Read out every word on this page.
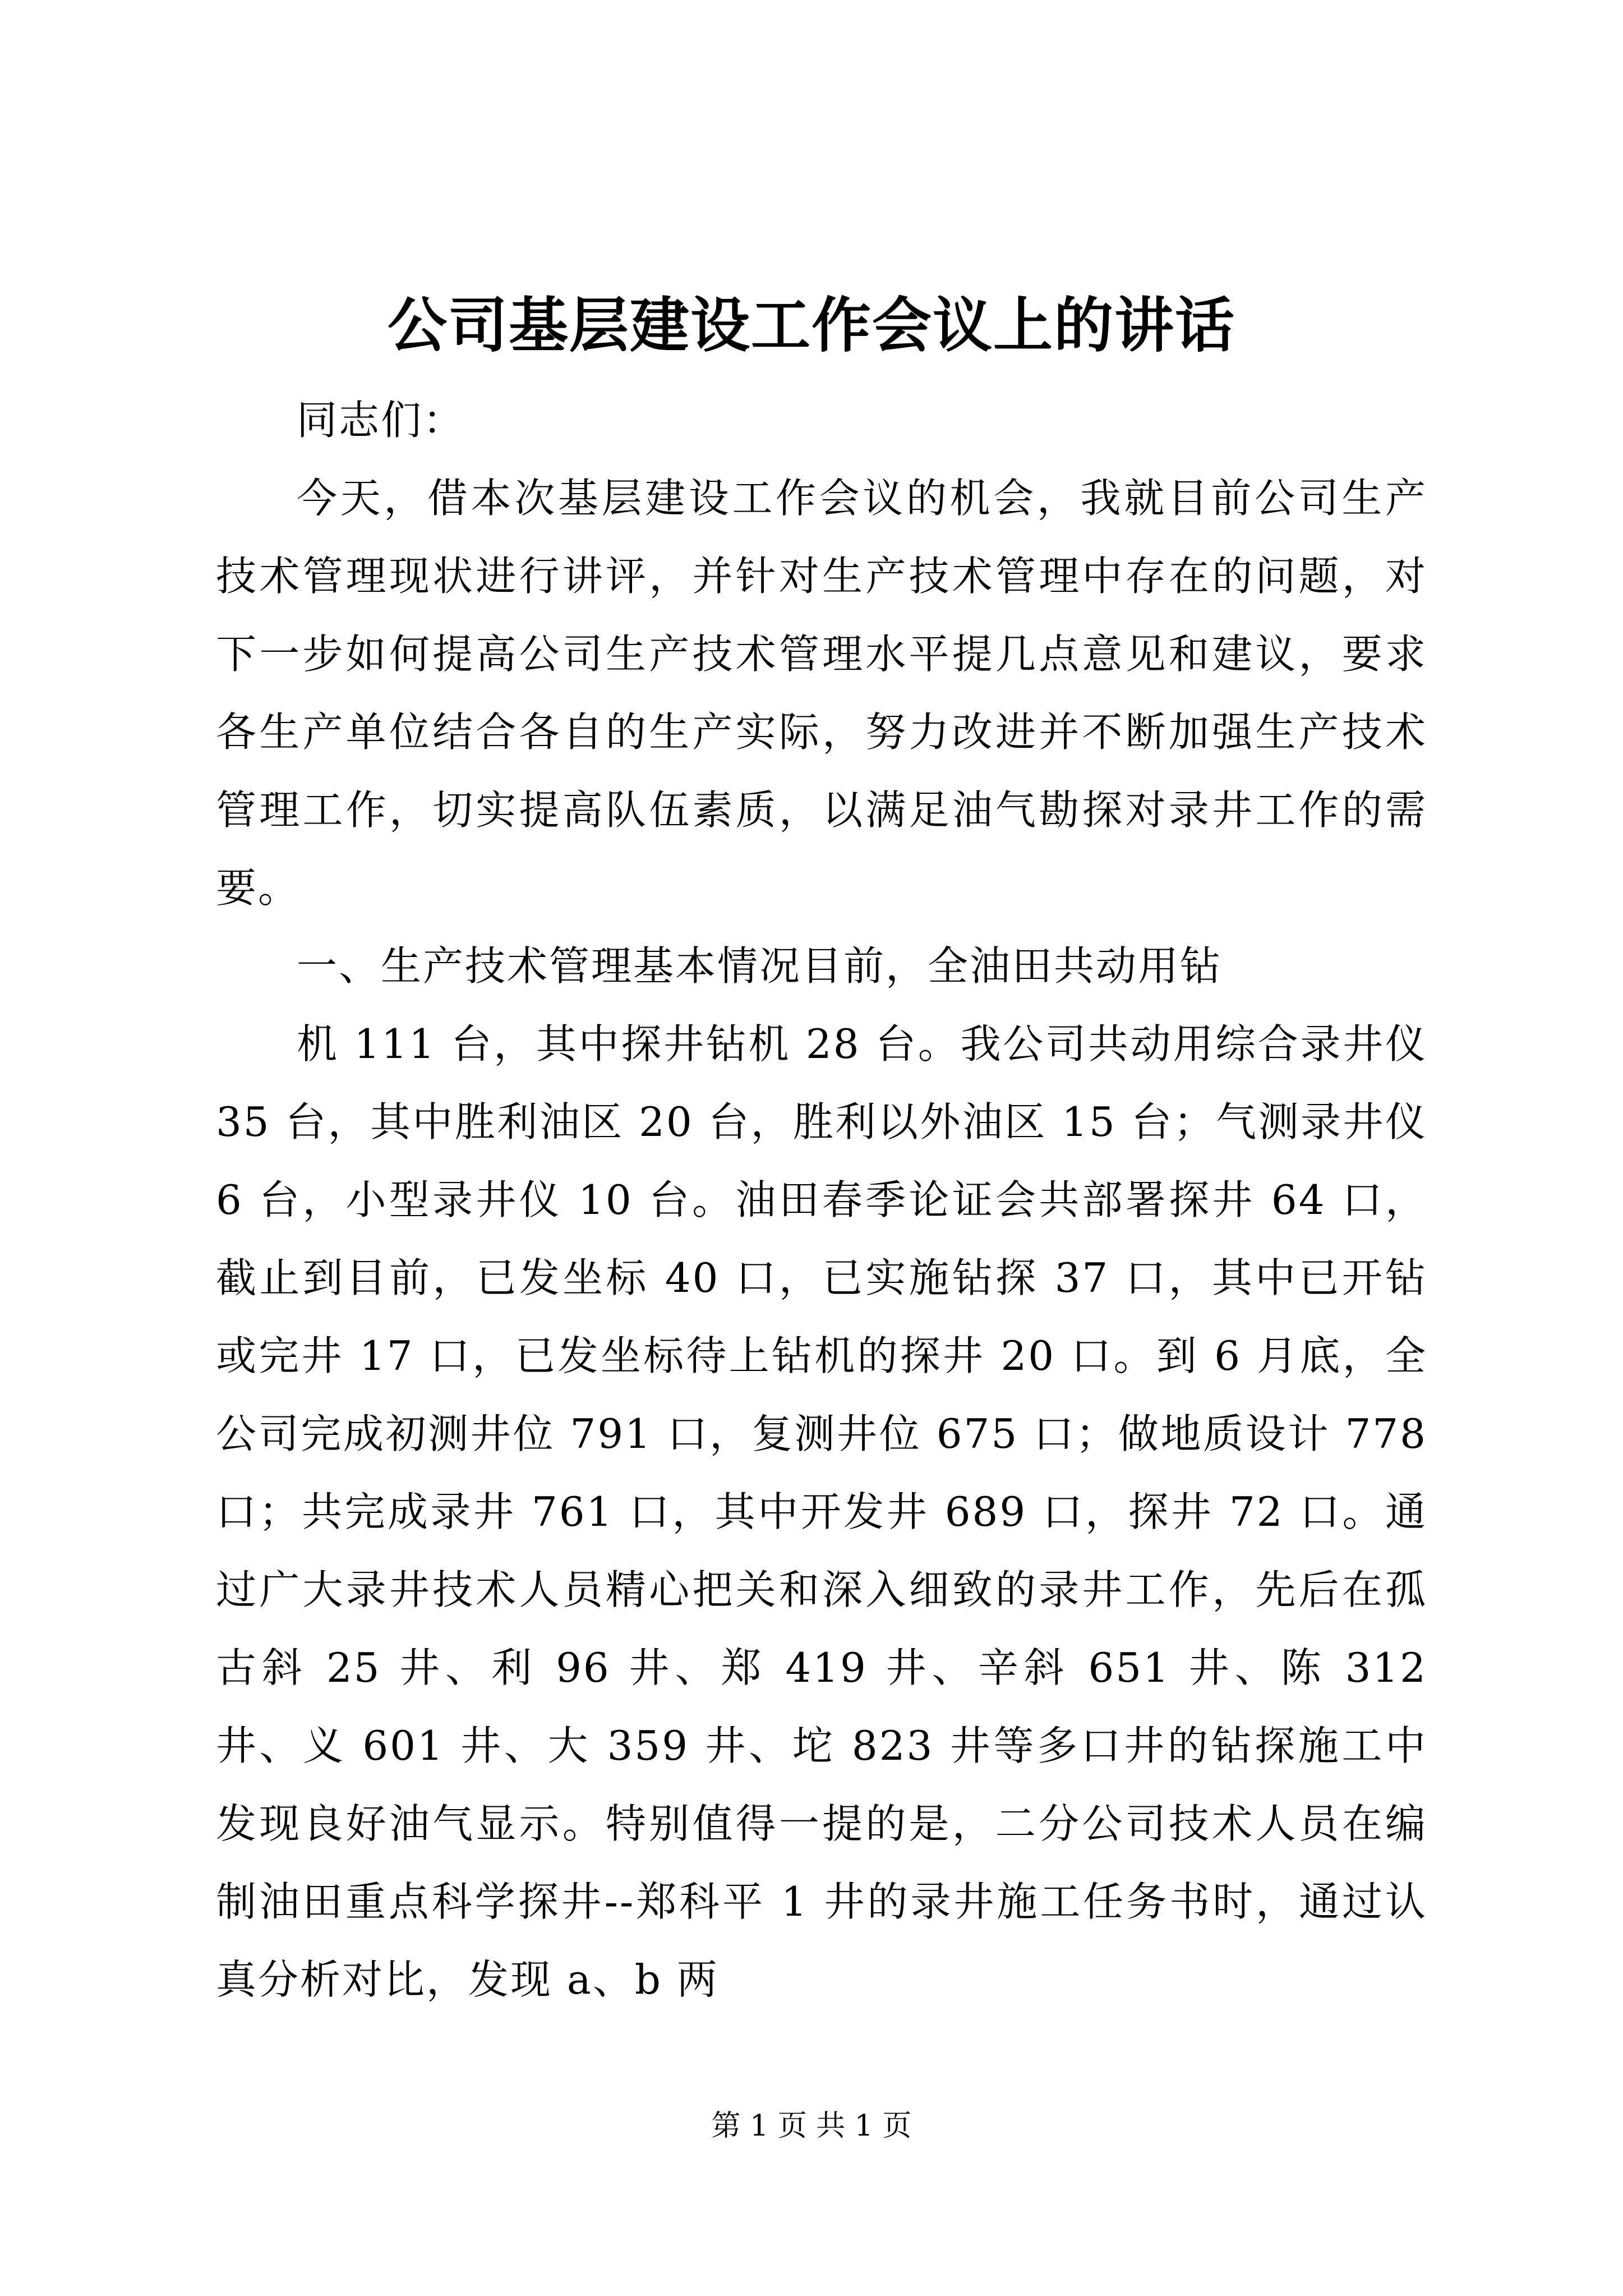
公司基层建设工作会议上的讲话

同志们：

今天，借本次基层建设工作会议的机会，我就目前公司生产技术管理现状进行讲评，并针对生产技术管理中存在的问题，对下一步如何提高公司生产技术管理水平提几点意见和建议，要求各生产单位结合各自的生产实际，努力改进并不断加强生产技术管理工作，切实提高队伍素质，以满足油气勘探对录井工作的需要。

一、生产技术管理基本情况目前，全油田共动用钻

机 111 台，其中探井钻机 28 台。我公司共动用综合录井仪 35 台，其中胜利油区 20 台，胜利以外油区 15 台；气测录井仪 6 台，小型录井仪 10 台。油田春季论证会共部署探井 64 口，截止到目前，已发坐标 40 口，已实施钻探 37 口，其中已开钻或完井 17 口，已发坐标待上钻机的探井 20 口。到 6 月底，全公司完成初测井位 791 口，复测井位 675 口；做地质设计 778 口；共完成录井 761 口，其中开发井 689 口，探井 72 口。通过广大录井技术人员精心把关和深入细致的录井工作，先后在孤古斜 25 井、利 96 井、郑 419 井、辛斜 651 井、陈 312 井、义 601 井、大 359 井、坨 823 井等多口井的钻探施工中发现良好油气显示。特别值得一提的是，二分公司技术人员在编制油田重点科学探井--郑科平 1 井的录井施工任务书时，通过认真分析对比，发现 a、b 两

第 1 页 共 1 页
